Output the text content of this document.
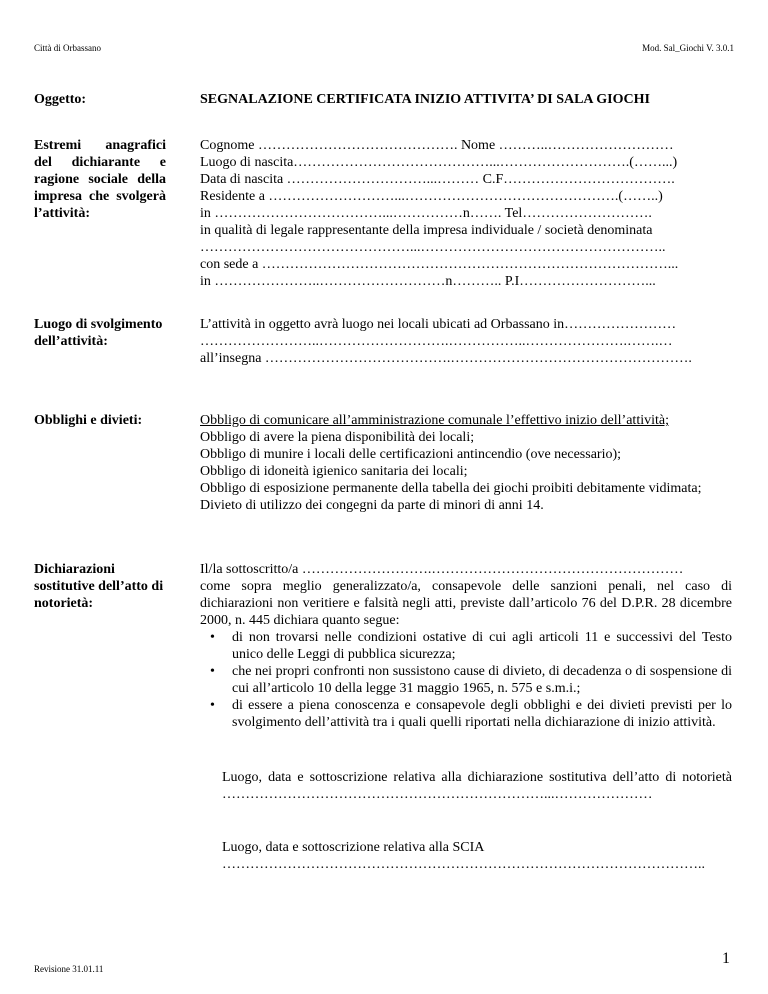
Città di Orbassano	Mod. Sal_Giochi V. 3.0.1
Oggetto:	SEGNALAZIONE CERTIFICATA INIZIO ATTIVITA’ DI SALA GIOCHI
Estremi anagrafici del dichiarante e ragione sociale della impresa che svolgerà l’attività:
Cognome ……………………………………. Nome ………..………………………
Luogo di nascita……………………………………...……………………….(……...)
Data di nascita …………………………...……… C.F……………………………….
Residente a ………………………...……………………………………….(……..)
in ………………………………...……………n……. Tel……………………….
in qualità di legale rappresentante della impresa individuale / società denominata
………………………………………...……………………………………………..
con sede a ……………………………………………………………………………...
in …………………..………………………n……….. P.I………………………...
Luogo di svolgimento dell’attività:
L’attività in oggetto avrà luogo nei locali ubicati ad Orbassano in……………………
……………………..……………………….……………..………………….…….…
all’insegna ………………………………….…………………………………………….
Obblighi e divieti:	Obbligo di comunicare all’amministrazione comunale l’effettivo inizio dell’attività;
Obbligo di avere la piena disponibilità dei locali;
Obbligo di munire i locali delle certificazioni antincendio (ove necessario);
Obbligo di idoneità igienico sanitaria dei locali;
Obbligo di esposizione permanente della tabella dei giochi proibiti debitamente vidimata;
Divieto di utilizzo dei congegni da parte di minori di anni 14.
Dichiarazioni sostitutive dell’atto di notorietà:
Il/la sottoscritto/a ……………………….………………………………………………
come sopra meglio generalizzato/a, consapevole delle sanzioni penali, nel caso di dichiarazioni non veritiere e falsità negli atti, previste dall’articolo 76 del D.P.R. 28 dicembre 2000, n. 445 dichiara quanto segue:
• di non trovarsi nelle condizioni ostative di cui agli articoli 11 e successivi del Testo unico delle Leggi di pubblica sicurezza;
• che nei propri confronti non sussistono cause di divieto, di decadenza o di sospensione di cui all’articolo 10 della legge 31 maggio 1965, n. 575 e s.m.i.;
• di essere a piena conoscenza e consapevole degli obblighi e dei divieti previsti per lo svolgimento dell’attività tra i quali quelli riportati nella dichiarazione di inizio attività.
Luogo, data e sottoscrizione relativa alla dichiarazione sostitutiva dell’atto di notorietà ……………………………………………………………...…………………
Luogo, data e sottoscrizione relativa alla SCIA
…………………………………………………………………………………………..
Revisione 31.01.11
1
